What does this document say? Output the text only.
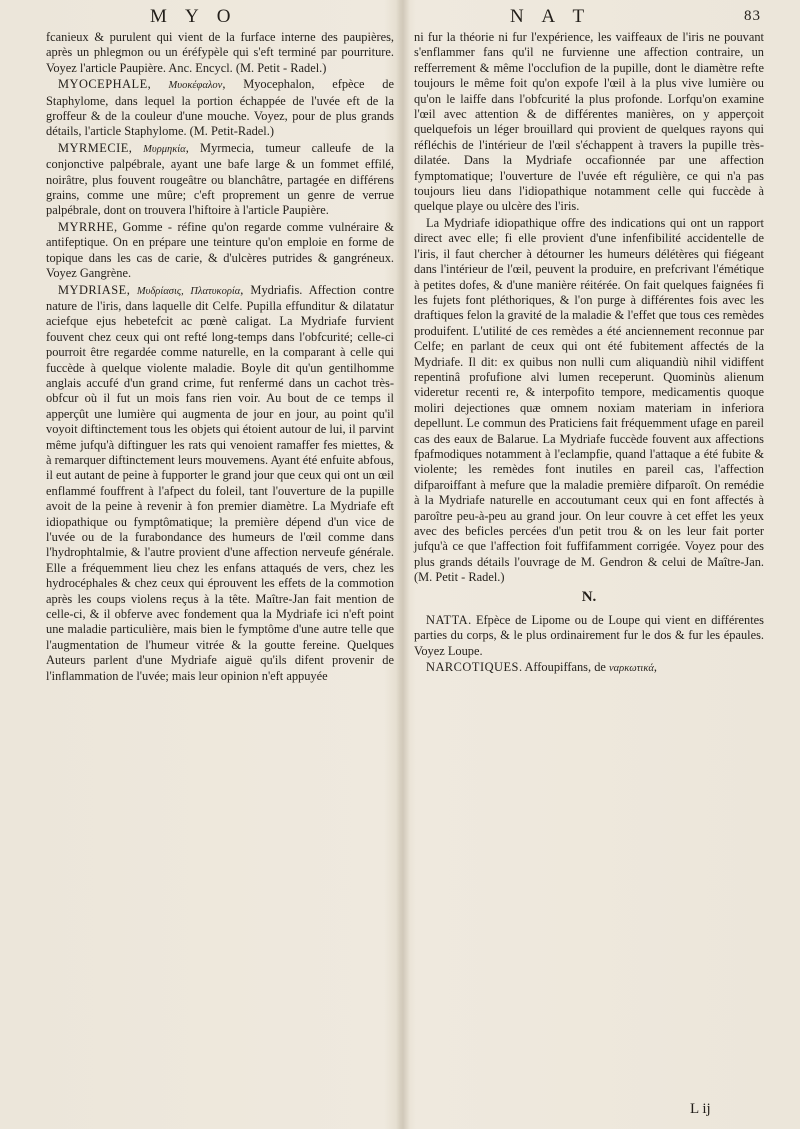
M Y O	N A T	83

fcanieux & purulent qui vient de la furface interne des paupières, après un phlegmon ou un éréfypèle qui s'eft terminé par pourriture. Voyez l'article Paupière. Anc. Encycl. (M. Petit - Radel.)

MYOCEPHALE, Μυοκέφαλον, Myocephalon, efpèce de Staphylome, dans lequel la portion échappée de l'uvée eft de la groffeur & de la couleur d'une mouche. Voyez, pour de plus grands détails, l'article Staphylome. (M. Petit-Radel.)

MYRMECIE, Μυρμηκία, Myrmecia, tumeur calleufe de la conjonctive palpébrale, ayant une bafe large & un fommet effilé, noirâtre, plus fouvent rougeâtre ou blanchâtre, partagée en différens grains, comme une mûre; c'eft proprement un genre de verrue palpébrale, dont on trouvera l'hiftoire à l'article Paupière.

MYRRHE, Gomme - réfine qu'on regarde comme vulnéraire & antifeptique. On en prépare une teinture qu'on emploie en forme de topique dans les cas de carie, & d'ulcères putrides & gangréneux. Voyez Gangrène.

MYDRIASE, Μυδρίασις, Πλατυκορία, Mydriafis. Affection contre nature de l'iris, dans laquelle dit Celfe. Pupilla effunditur & dilatatur aciefque ejus hebetefcit ac pœnè caligat. La Mydriafe furvient fouvent chez ceux qui ont refté long-temps dans l'obfcurité; celle-ci pourroit être regardée comme naturelle, en la comparant à celle qui fuccède à quelque violente maladie. Boyle dit qu'un gentilhomme anglais accufé d'un grand crime, fut renfermé dans un cachot très-obfcur où il fut un mois fans rien voir. Au bout de ce temps il apperçût une lumière qui augmenta de jour en jour, au point qu'il voyoit diftinctement tous les objets qui étoient autour de lui, il parvint même jufqu'à diftinguer les rats qui venoient ramaffer fes miettes, & à remarquer diftinctement leurs mouvemens. Ayant été enfuite abfous, il eut autant de peine à fupporter le grand jour que ceux qui ont un œil enflammé fouffrent à l'afpect du foleil, tant l'ouverture de la pupille avoit de la peine à revenir à fon premier diamètre. La Mydriafe eft idiopathique ou fymptômatique; la première dépend d'un vice de l'uvée ou de la furabondance des humeurs de l'œil comme dans l'hydrophtalmie, & l'autre provient d'une affection nerveufe générale. Elle a fréquemment lieu chez les enfans attaqués de vers, chez les hydrocéphales & chez ceux qui éprouvent les effets de la commotion après les coups violens reçus à la tête. Maître-Jan fait mention de celle-ci, & il obferve avec fondement qua la Mydriafe ici n'eft point une maladie particulière, mais bien le fymptôme d'une autre telle que l'augmentation de l'humeur vitrée & la goutte fereine. Quelques Auteurs parlent d'une Mydriafe aiguë qu'ils difent provenir de l'inflammation de l'uvée; mais leur opinion n'eft appuyée

ni fur la théorie ni fur l'expérience, les vaiffeaux de l'iris ne pouvant s'enflammer fans qu'il ne furvienne une affection contraire, un refferrement & même l'occlufion de la pupille, dont le diamètre refte toujours le même foit qu'on expofe l'œil à la plus vive lumière ou qu'on le laiffe dans l'obfcurité la plus profonde. Lorfqu'on examine l'œil avec attention & de différentes manières, on y apperçoit quelquefois un léger brouillard qui provient de quelques rayons qui réfléchis de l'intérieur de l'œil s'échappent à travers la pupille très-dilatée. Dans la Mydriafe occafionnée par une affection fymptomatique; l'ouverture de l'uvée eft régulière, ce qui n'a pas toujours lieu dans l'idiopathique notamment celle qui fuccède à quelque playe ou ulcère des l'iris.

La Mydriafe idiopathique offre des indications qui ont un rapport direct avec elle; fi elle provient d'une infenfibilité accidentelle de l'iris, il faut chercher à détourner les humeurs délétères qui fiégeant dans l'intérieur de l'œil, peuvent la produire, en prefcrivant l'émétique à petites dofes, & d'une manière réitérée. On fait quelques faignées fi les fujets font pléthoriques, & l'on purge à différentes fois avec les draftiques felon la gravité de la maladie & l'effet que tous ces remèdes produifent. L'utilité de ces remèdes a été anciennement reconnue par Celfe; en parlant de ceux qui ont été fubitement affectés de la Mydriafe. Il dit: ex quibus non nulli cum aliquandiù nihil vidiffent repentinâ profufione alvi lumen receperunt. Quominùs alienum videretur recenti re, & interpofito tempore, medicamentis quoque moliri dejectiones quæ omnem noxiam materiam in inferiora depellunt. Le commun des Praticiens fait fréquemment ufage en pareil cas des eaux de Balarue. La Mydriafe fuccède fouvent aux affections fpafmodiques notamment à l'eclampfie, quand l'attaque a été fubite & violente; les remèdes font inutiles en pareil cas, l'affection difparoiffant à mefure que la maladie première difparoît. On remédie à la Mydriafe naturelle en accoutumant ceux qui en font affectés à paroître peu-à-peu au grand jour. On leur couvre à cet effet les yeux avec des beficles percées d'un petit trou & on les leur fait porter jufqu'à ce que l'affection foit fuffifamment corrigée. Voyez pour des plus grands détails l'ouvrage de M. Gendron & celui de Maître-Jan. (M. Petit - Radel.)

N.

NATTA. Efpèce de Lipome ou de Loupe qui vient en différentes parties du corps, & le plus ordinairement fur le dos & fur les épaules. Voyez Loupe.

NARCOTIQUES. Affoupiffans, de ναρκωτικά,

L ij
